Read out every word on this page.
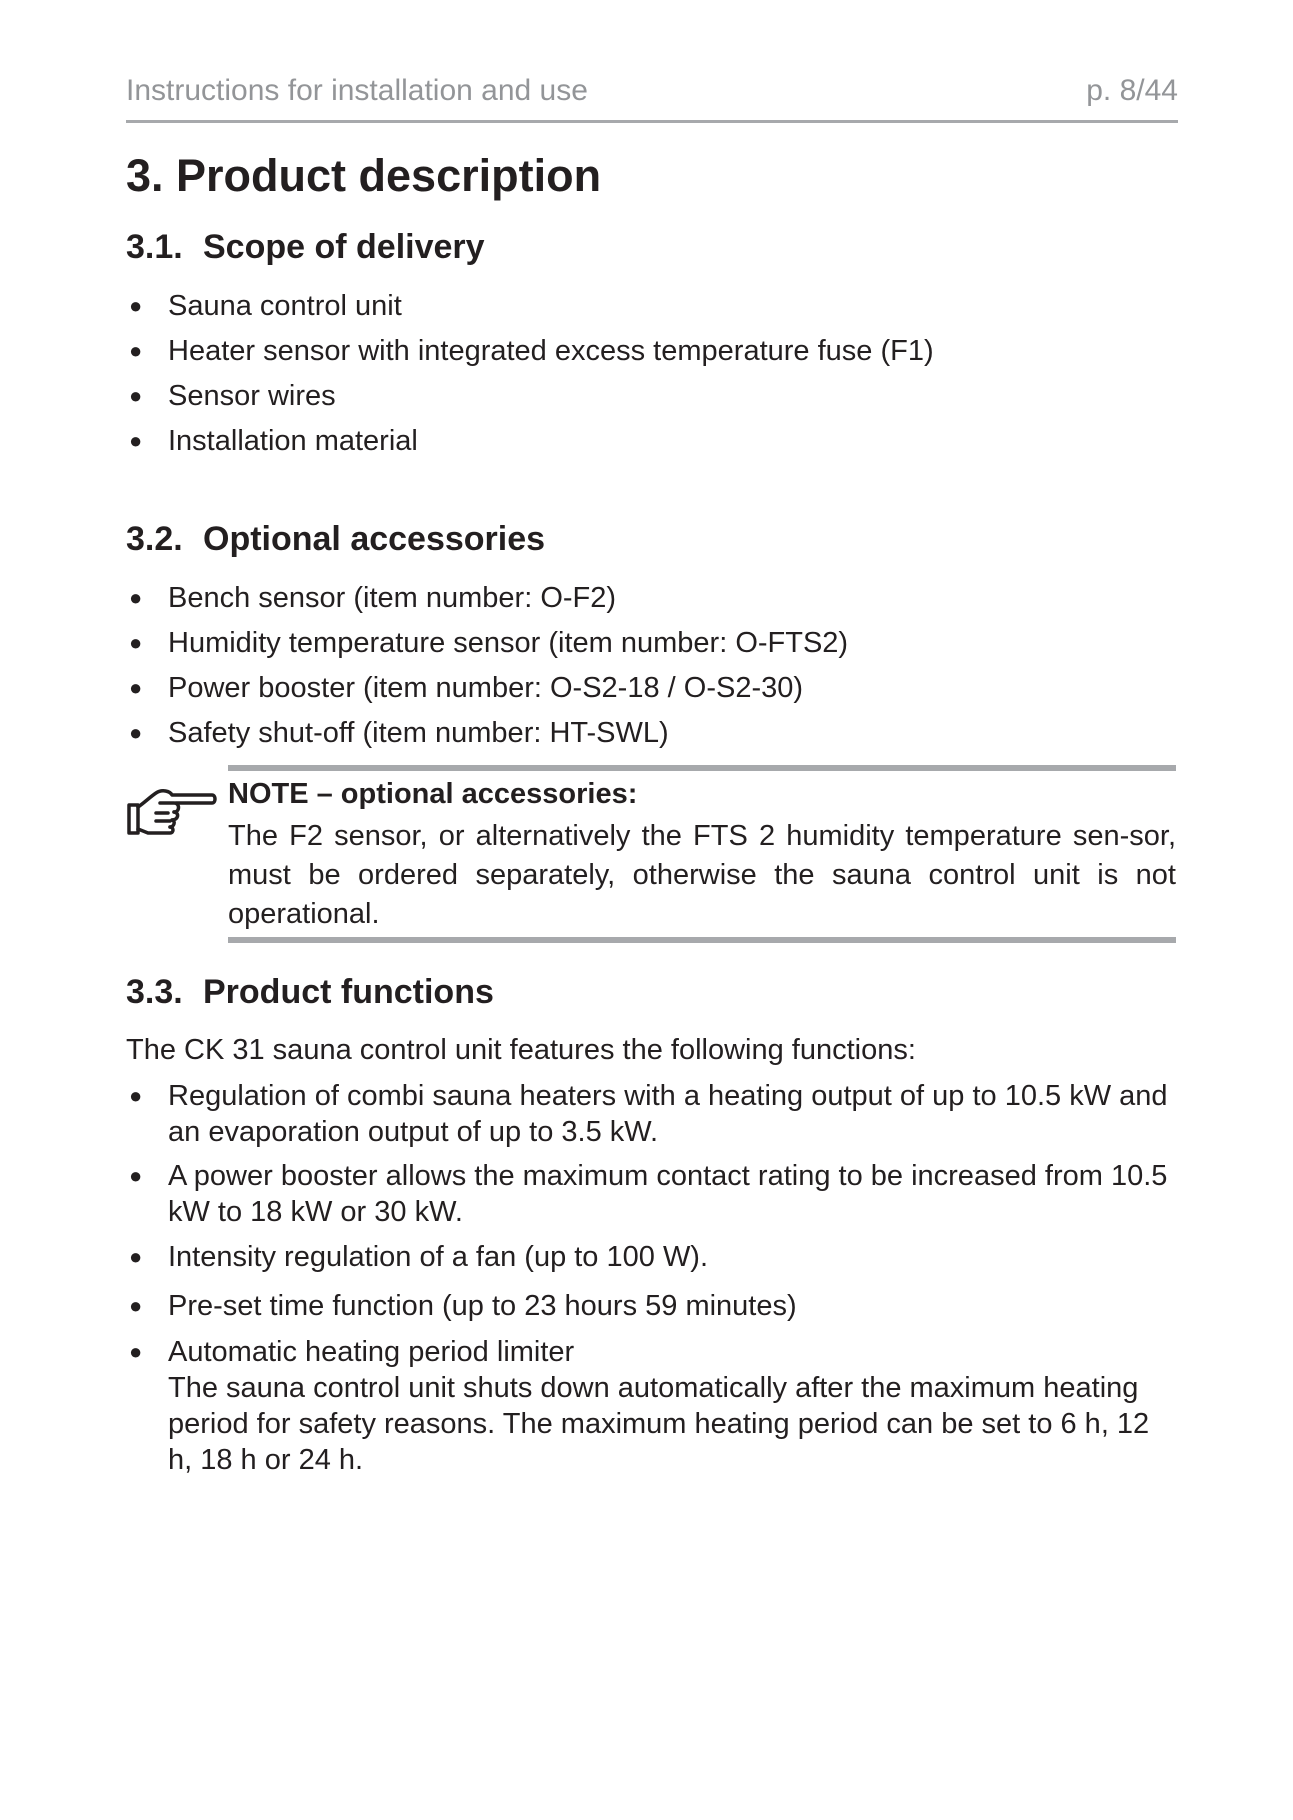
Instructions for installation and use	p. 8/44
3. Product description
3.1. Scope of delivery
● Sauna control unit
● Heater sensor with integrated excess temperature fuse (F1)
● Sensor wires
● Installation material
3.2. Optional accessories
● Bench sensor (item number: O-F2)
● Humidity temperature sensor (item number: O-FTS2)
● Power booster (item number: O-S2-18 / O-S2-30)
● Safety shut-off (item number: HT-SWL)
NOTE – optional accessories:
The F2 sensor, or alternatively the FTS 2 humidity temperature sen-sor, must be ordered separately, otherwise the sauna control unit is not operational.
3.3. Product functions

The CK 31 sauna control unit features the following functions:

● Regulation of combi sauna heaters with a heating output of up to 10.5 kW and an evaporation output of up to 3.5 kW.
● A power booster allows the maximum contact rating to be increased from 10.5 kW to 18 kW or 30 kW.
● Intensity regulation of a fan (up to 100 W).
● Pre-set time function (up to 23 hours 59 minutes)
● Automatic heating period limiter
The sauna control unit shuts down automatically after the maximum heating period for safety reasons. The maximum heating period can be set to 6 h, 12 h, 18 h or 24 h.
